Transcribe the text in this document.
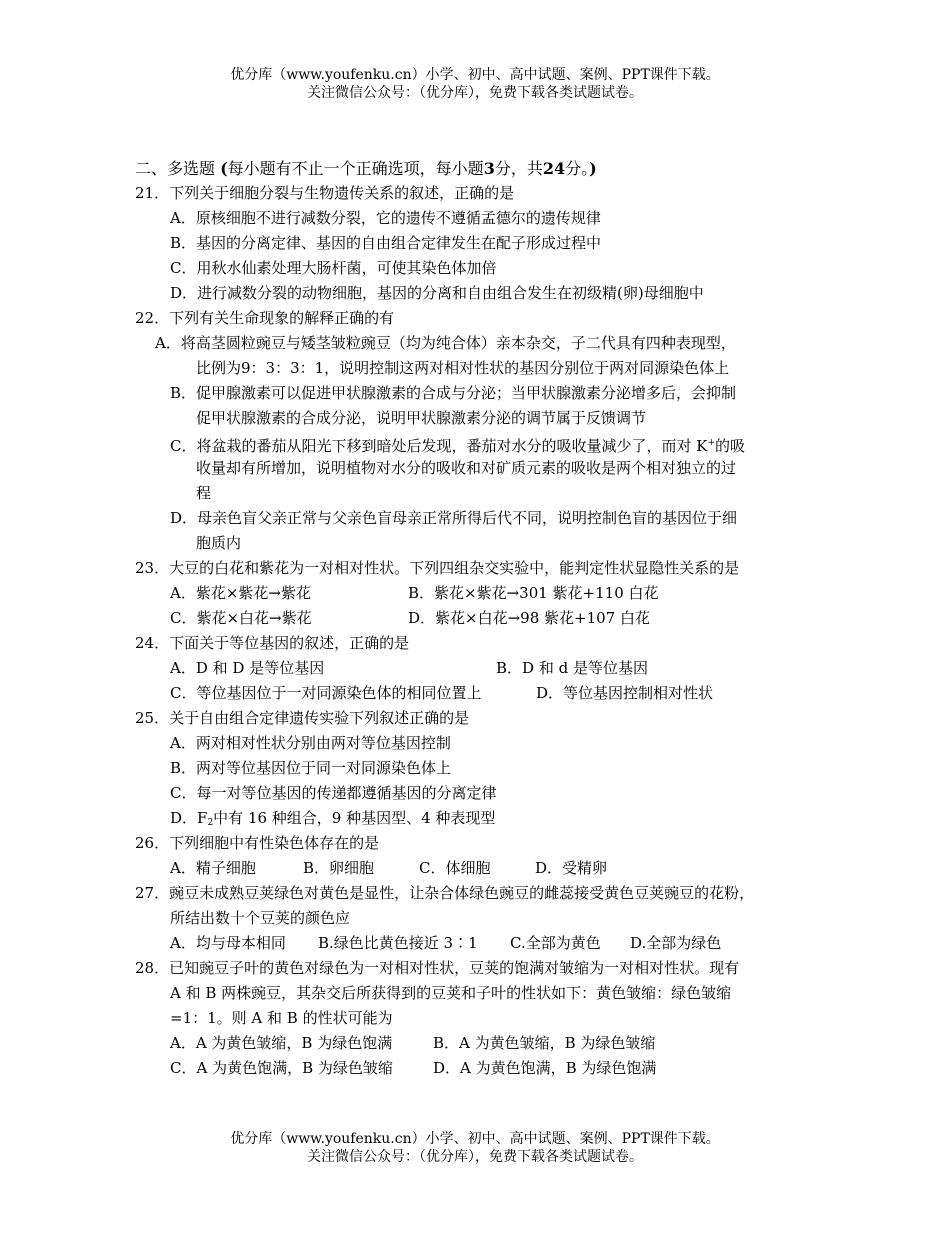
优分库（www.youfenku.cn）小学、初中、高中试题、案例、PPT课件下载。
关注微信公众号：（优分库），免费下载各类试题试卷。
二、多选题 (每小题有不止一个正确选项，每小题3分，共24分。)
21．下列关于细胞分裂与生物遗传关系的叙述，正确的是
A．原核细胞不进行减数分裂，它的遗传不遵循孟德尔的遗传规律
B．基因的分离定律、基因的自由组合定律发生在配子形成过程中
C．用秋水仙素处理大肠杆菌，可使其染色体加倍
D．进行减数分裂的动物细胞，基因的分离和自由组合发生在初级精(卵)母细胞中
22．下列有关生命现象的解释正确的有
A．将高茎圆粒豌豆与矮茎皱粒豌豆（均为纯合体）亲本杂交，子二代具有四种表现型，
比例为9：3：3：1，说明控制这两对相对性状的基因分别位于两对同源染色体上
B．促甲腺激素可以促进甲状腺激素的合成与分泌；当甲状腺激素分泌增多后，会抑制
促甲状腺激素的合成分泌，说明甲状腺激素分泌的调节属于反馈调节
C．将盆栽的番茄从阳光下移到暗处后发现，番茄对水分的吸收量减少了，而对 K+的吸
收量却有所增加，说明植物对水分的吸收和对矿质元素的吸收是两个相对独立的过
程
D．母亲色盲父亲正常与父亲色盲母亲正常所得后代不同，说明控制色盲的基因位于细
胞质内
23．大豆的白花和紫花为一对相对性状。下列四组杂交实验中，能判定性状显隐性关系的是
A．紫花×紫花→紫花	B．紫花×紫花→301 紫花+110 白花
C．紫花×白花→紫花	D．紫花×白花→98 紫花+107 白花
24．下面关于等位基因的叙述，正确的是
A．D 和 D 是等位基因	B．D 和 d 是等位基因
C．等位基因位于一对同源染色体的相同位置上	D．等位基因控制相对性状
25．关于自由组合定律遗传实验下列叙述正确的是
A．两对相对性状分别由两对等位基因控制
B．两对等位基因位于同一对同源染色体上
C．每一对等位基因的传递都遵循基因的分离定律
D．$F_2$中有 16 种组合，9 种基因型、4 种表现型
26．下列细胞中有性染色体存在的是
A．精子细胞	B．卵细胞	C．体细胞	D．受精卵
27．豌豆未成熟豆荚绿色对黄色是显性，让杂合体绿色豌豆的雌蕊接受黄色豆荚豌豆的花粉，
所结出数十个豆荚的颜色应
A．均与母本相同 B.绿色比黄色接近 3∶1 C.全部为黄色 D.全部为绿色
28．已知豌豆子叶的黄色对绿色为一对相对性状，豆荚的饱满对皱缩为一对相对性状。现有
A 和 B 两株豌豆，其杂交后所获得到的豆荚和子叶的性状如下：黄色皱缩：绿色皱缩
=1：1。则 A 和 B 的性状可能为
A．A 为黄色皱缩，B 为绿色饱满	B．A 为黄色皱缩，B 为绿色皱缩
C．A 为黄色饱满，B 为绿色皱缩	D．A 为黄色饱满，B 为绿色饱满
优分库（www.youfenku.cn）小学、初中、高中试题、案例、PPT课件下载。
关注微信公众号：（优分库），免费下载各类试题试卷。
